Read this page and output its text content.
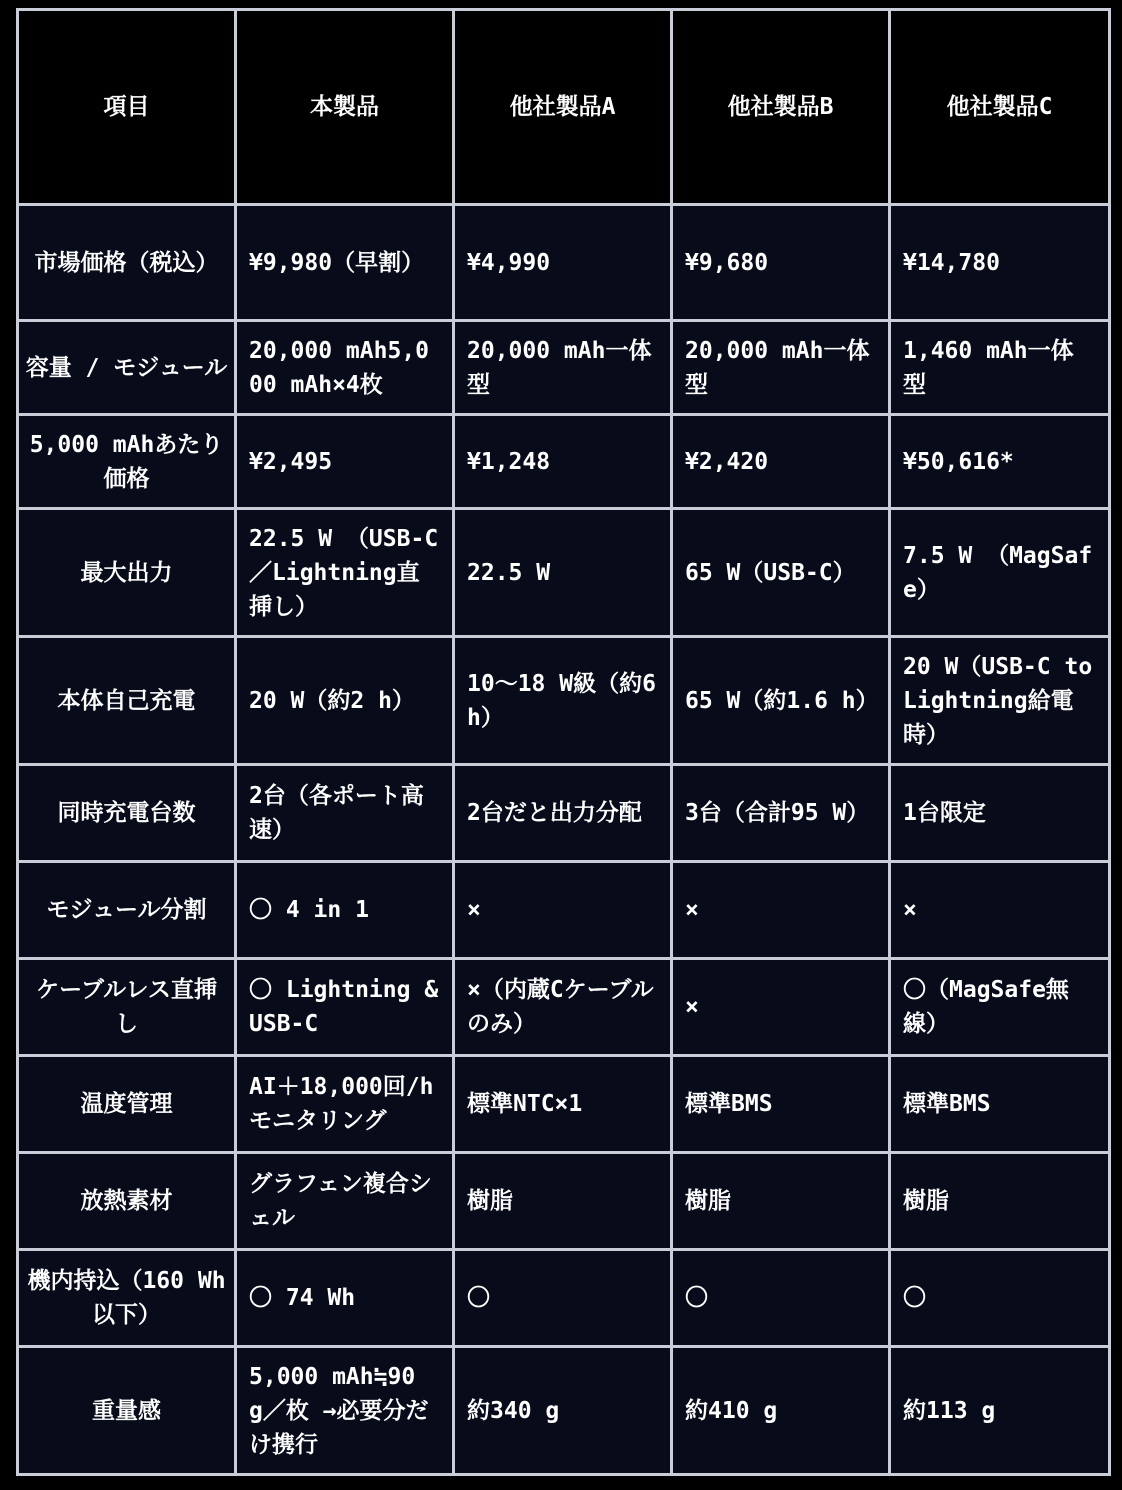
項目	本製品	他社製品A	他社製品B	他社製品C
市場価格（税込）	¥9,980（早割）	¥4,990	¥9,680	¥14,780
容量 / モジュール	20,000 mAh5,000 mAh×4枚	20,000 mAh一体型	20,000 mAh一体型	1,460 mAh一体型
5,000 mAhあたり価格	¥2,495	¥1,248	¥2,420	¥50,616*
最大出力	22.5 W （USB‐C／Lightning直挿し）	22.5 W	65 W（USB‐C）	7.5 W （MagSafe）
本体自己充電	20 W（約2 h）	10〜18 W級（約6 h）	65 W（約1.6 h）	20 W（USB‐C to Lightning給電時）
同時充電台数	2台（各ポート高速）	2台だと出力分配	3台（合計95 W）	1台限定
モジュール分割	〇 4 in 1	×	×	×
ケーブルレス直挿し	〇 Lightning & USB‐C	×（内蔵Cケーブルのみ）	×	〇（MagSafe無線）
温度管理	AI＋18,000回/h モニタリング	標準NTC×1	標準BMS	標準BMS
放熱素材	グラフェン複合シェル	樹脂	樹脂	樹脂
機内持込（160 Wh以下）	〇 74 Wh	〇	〇	〇
重量感	5,000 mAh≒90 g／枚 →必要分だけ携行	約340 g	約410 g	約113 g
